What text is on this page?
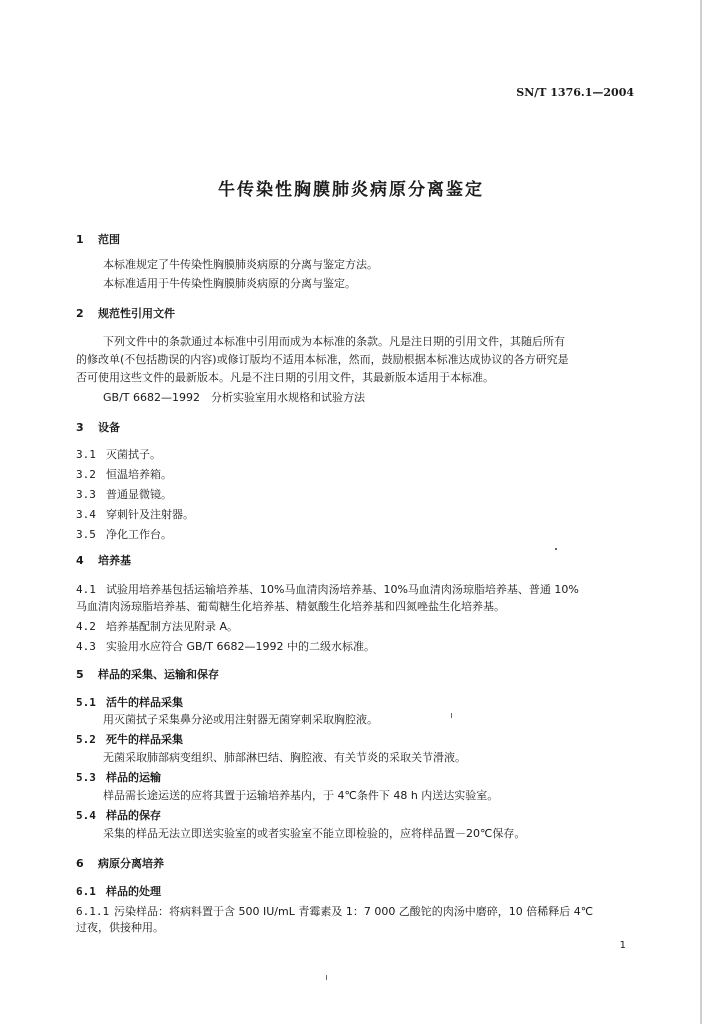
SN/T 1376.1—2004
牛传染性胸膜肺炎病原分离鉴定
1 范围
本标准规定了牛传染性胸膜肺炎病原的分离与鉴定方法。
本标准适用于牛传染性胸膜肺炎病原的分离与鉴定。
2 规范性引用文件
下列文件中的条款通过本标准中引用而成为本标准的条款。凡是注日期的引用文件，其随后所有
的修改单(不包括勘误的内容)或修订版均不适用本标准，然而，鼓励根据本标准达成协议的各方研究是
否可使用这些文件的最新版本。凡是不注日期的引用文件，其最新版本适用于本标准。
GB/T 6682—1992　分析实验室用水规格和试验方法
3 设备
3.1 灭菌拭子。
3.2 恒温培养箱。
3.3 普通显微镜。
3.4 穿刺针及注射器。
3.5 净化工作台。
4 培养基
4.1 试验用培养基包括运输培养基、10%马血清肉汤培养基、10%马血清肉汤琼脂培养基、普通 10%
马血清肉汤琼脂培养基、葡萄糖生化培养基、精氨酸生化培养基和四氮唑盐生化培养基。
4.2 培养基配制方法见附录 A。
4.3 实验用水应符合 GB/T 6682—1992 中的二级水标准。
5 样品的采集、运输和保存
5.1 活牛的样品采集
用灭菌拭子采集鼻分泌或用注射器无菌穿刺采取胸腔液。
5.2 死牛的样品采集
无菌采取肺部病变组织、肺部淋巴结、胸腔液、有关节炎的采取关节滑液。
5.3 样品的运输
样品需长途运送的应将其置于运输培养基内，于 4℃条件下 48 h 内送达实验室。
5.4 样品的保存
采集的样品无法立即送实验室的或者实验室不能立即检验的，应将样品置－20℃保存。
6 病原分离培养
6.1 样品的处理
6.1.1 污染样品：将病料置于含 500 IU/mL 青霉素及 1：7 000 乙酸铊的肉汤中磨碎，10 倍稀释后 4℃
过夜，供接种用。
1
